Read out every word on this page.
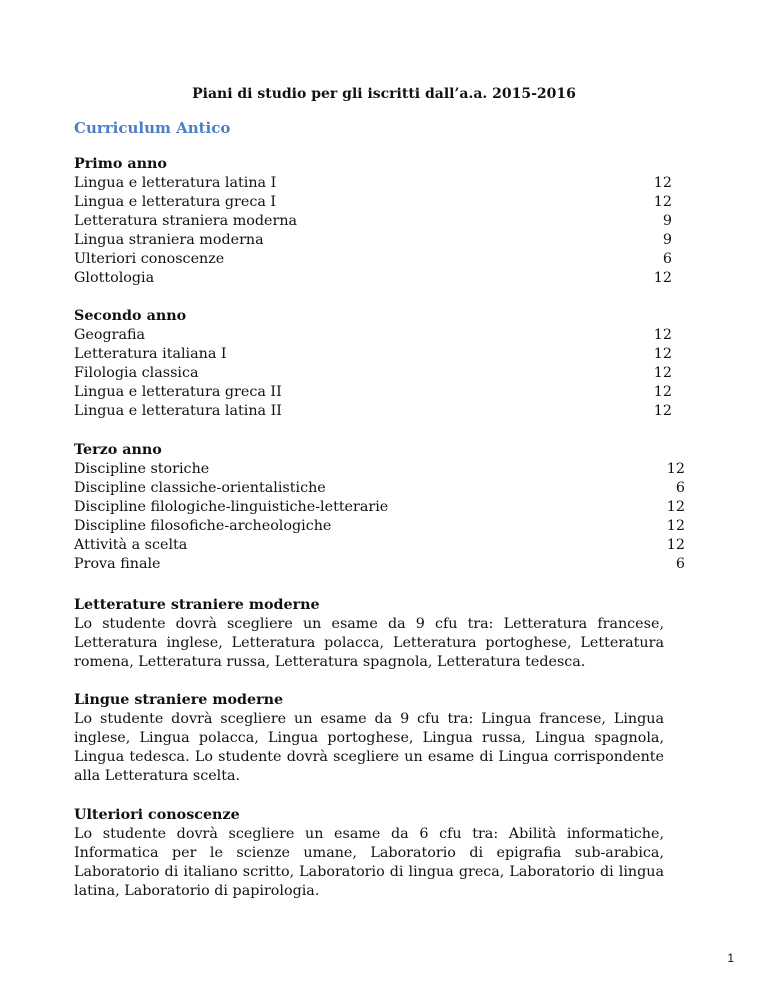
Piani di studio per gli iscritti dall’a.a. 2015-2016
Curriculum Antico
Primo anno
Lingua e letteratura latina I	12
Lingua e letteratura greca I	12
Letteratura straniera moderna	9
Lingua straniera moderna	9
Ulteriori conoscenze	6
Glottologia	12
Secondo anno
Geografia	12
Letteratura italiana I	12
Filologia classica	12
Lingua e letteratura greca II	12
Lingua e letteratura latina II	12
Terzo anno
Discipline storiche	12
Discipline classiche-orientalistiche	6
Discipline filologiche-linguistiche-letterarie	12
Discipline filosofiche-archeologiche	12
Attività a scelta	12
Prova finale	6
Letterature straniere moderne
Lo studente dovrà scegliere un esame da 9 cfu tra: Letteratura francese, Letteratura inglese, Letteratura polacca, Letteratura portoghese, Letteratura romena, Letteratura russa, Letteratura spagnola, Letteratura tedesca.
Lingue straniere moderne
Lo studente dovrà scegliere un esame da 9 cfu tra: Lingua francese, Lingua inglese, Lingua polacca, Lingua portoghese, Lingua russa, Lingua spagnola, Lingua tedesca. Lo studente dovrà scegliere un esame di Lingua corrispondente alla Letteratura scelta.
Ulteriori conoscenze
Lo studente dovrà scegliere un esame da 6 cfu tra: Abilità informatiche, Informatica per le scienze umane, Laboratorio di epigrafia sub-arabica, Laboratorio di italiano scritto, Laboratorio di lingua greca, Laboratorio di lingua latina, Laboratorio di papirologia.
1
